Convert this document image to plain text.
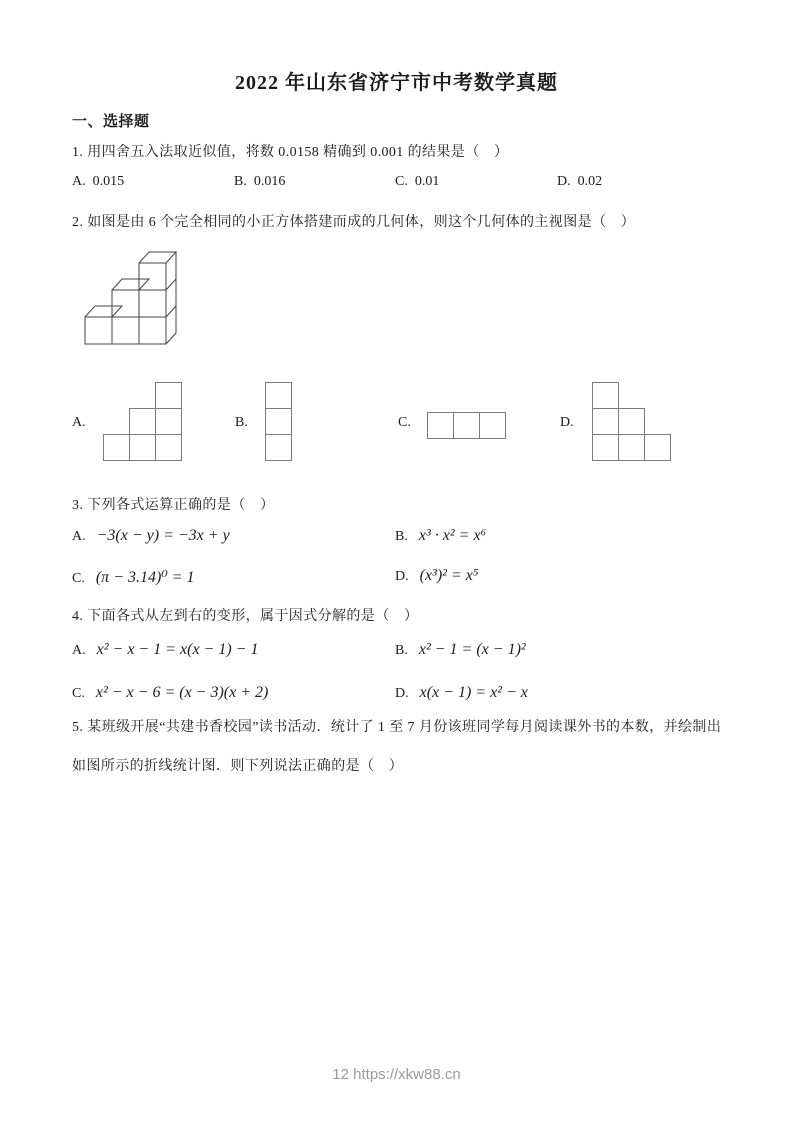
2022 年山东省济宁市中考数学真题
一、选择题
1. 用四舍五入法取近似值，将数 0.0158 精确到 0.001 的结果是（　）
A. 0.015	B. 0.016	C. 0.01	D. 0.02
2. 如图是由 6 个完全相同的小正方体搭建而成的几何体，则这个几何体的主视图是（　）
A.	B.	C.	D.
3. 下列各式运算正确的是（　）
A. −3(x − y) = −3x + y	B. x³ · x² = x⁶
C. (π − 3.14)⁰ = 1	D. (x³)² = x⁵
4. 下面各式从左到右的变形，属于因式分解的是（　）
A. x² − x − 1 = x(x − 1) − 1	B. x² − 1 = (x − 1)²
C. x² − x − 6 = (x − 3)(x + 2)	D. x(x − 1) = x² − x
5. 某班级开展“共建书香校园”读书活动．统计了 1 至 7 月份该班同学每月阅读课外书的本数，并绘制出
如图所示的折线统计图．则下列说法正确的是（　）
12 https://xkw88.cn
